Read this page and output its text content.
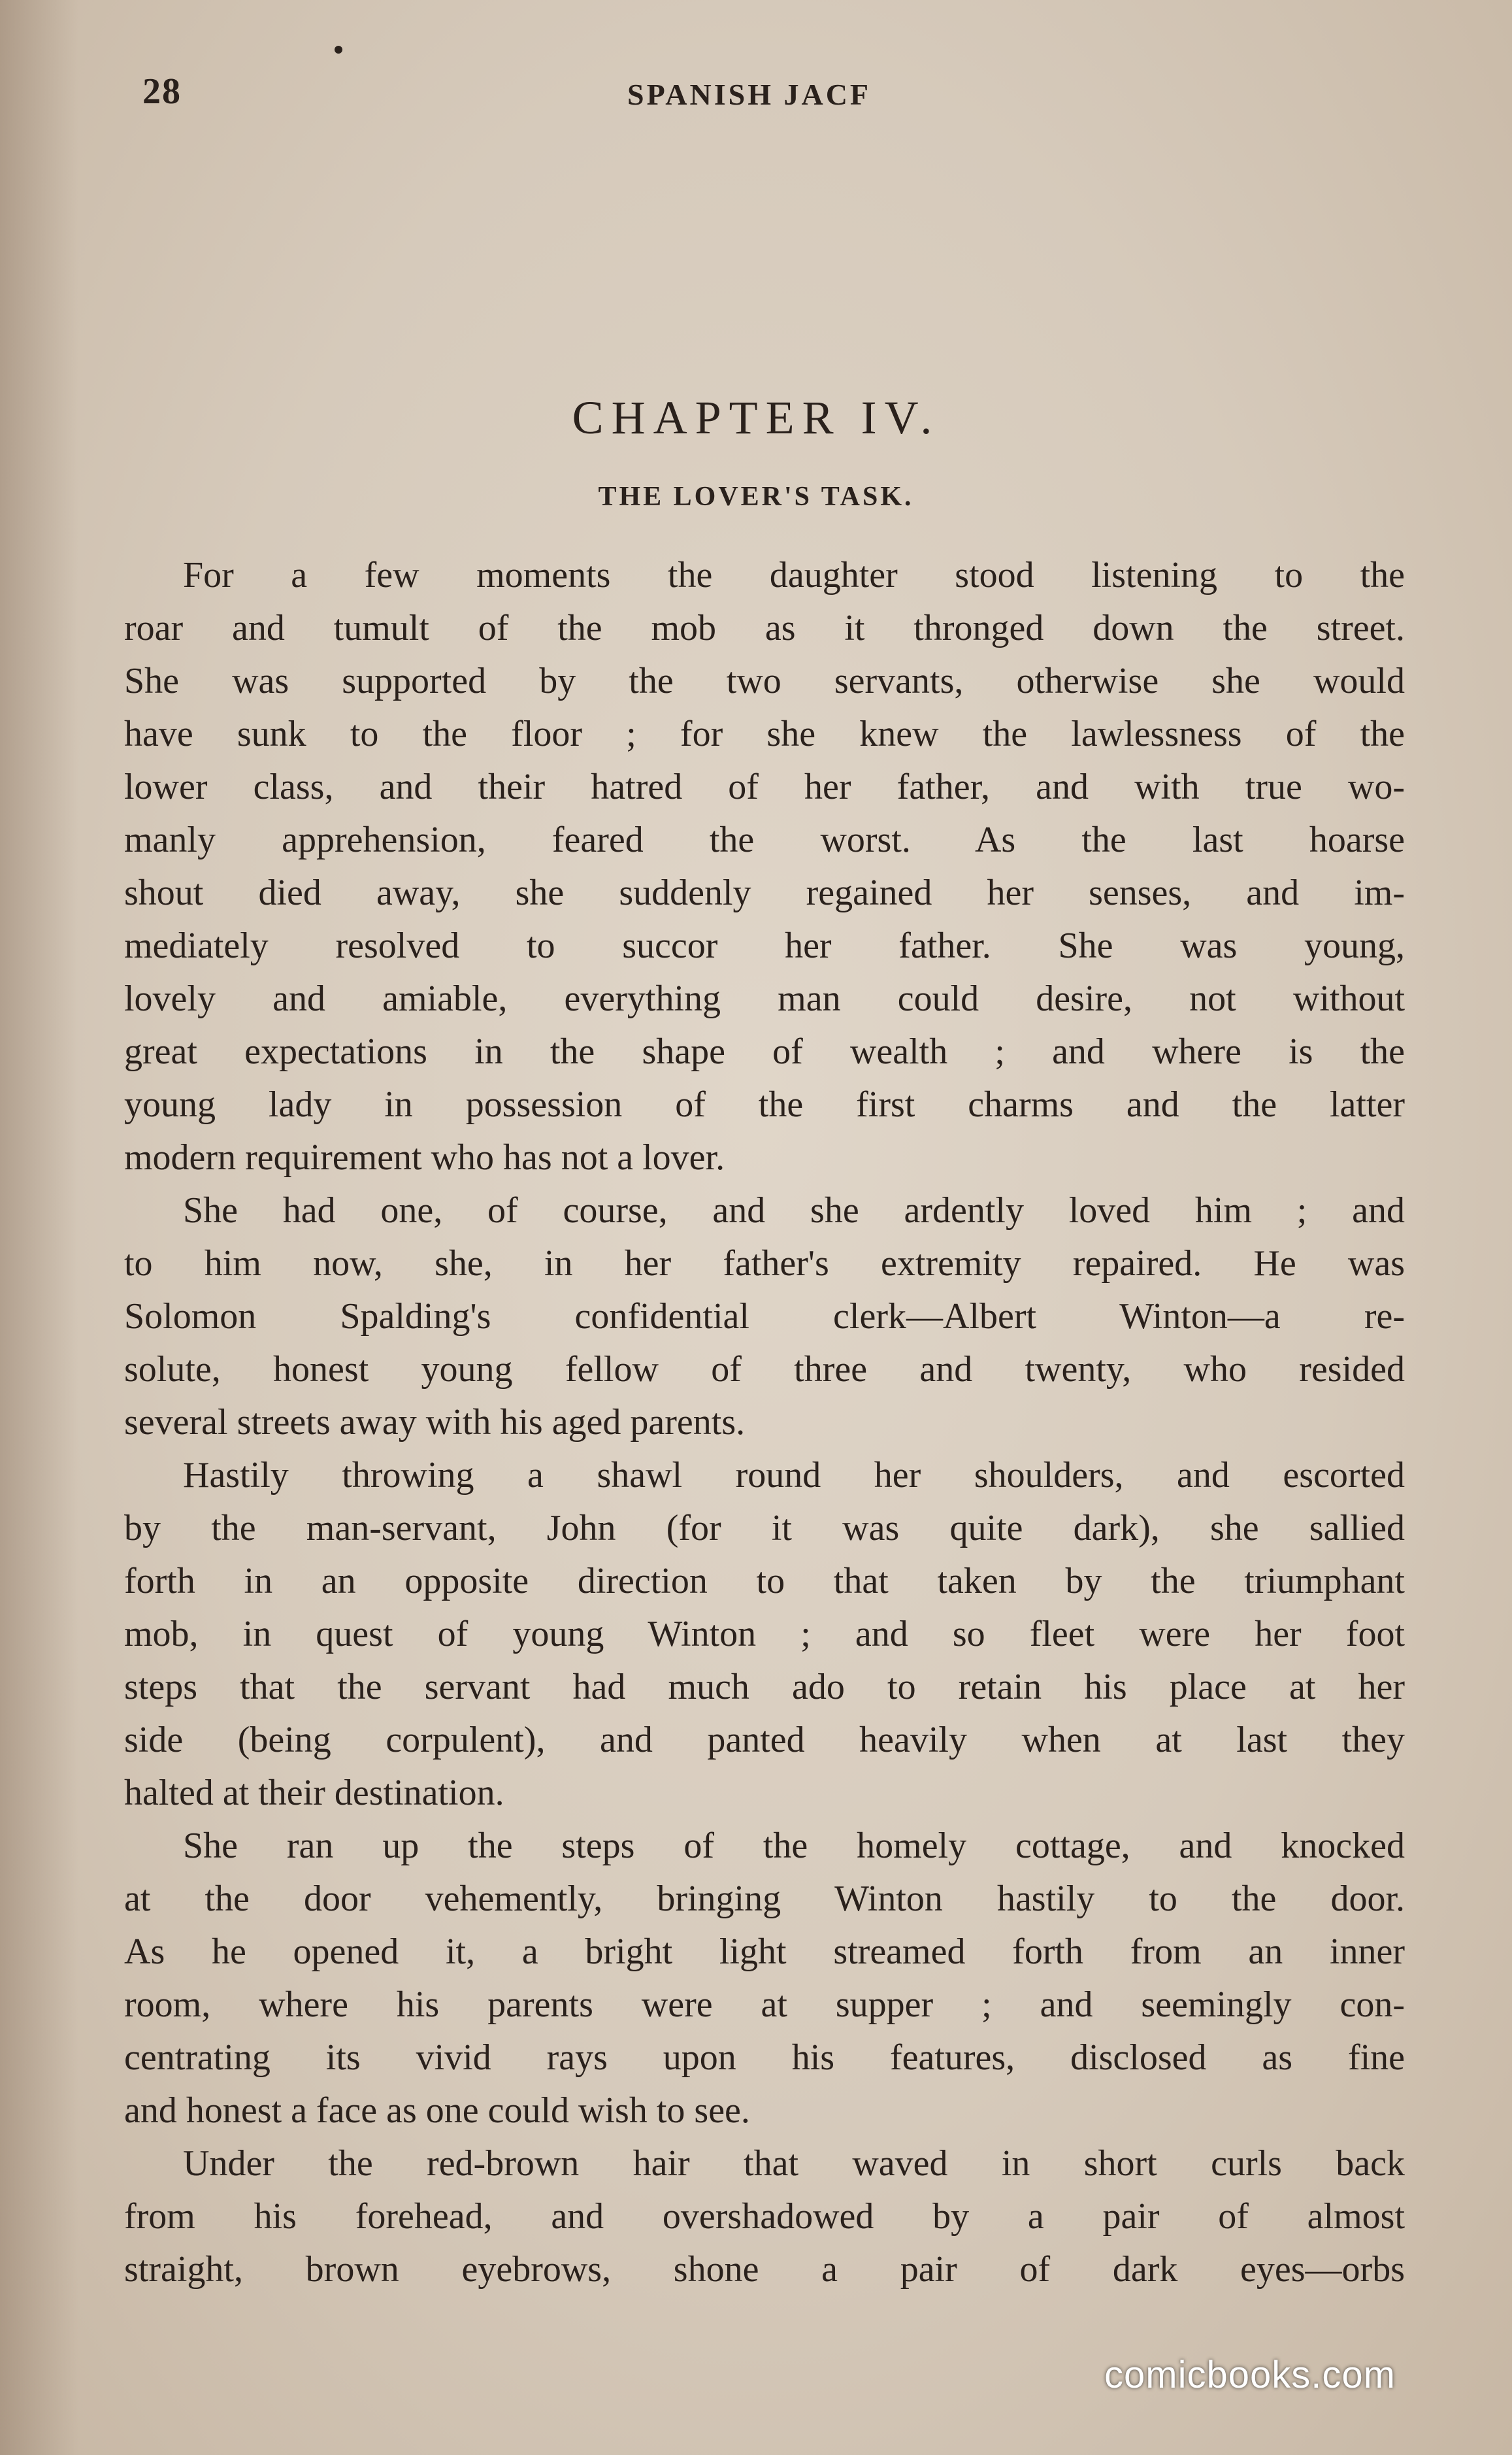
28	SPANISH JACF
CHAPTER IV.
THE LOVER'S TASK.
For a few moments the daughter stood listening to the
roar and tumult of the mob as it thronged down the street.
She was supported by the two servants, otherwise she would
have sunk to the floor ; for she knew the lawlessness of the
lower class, and their hatred of her father, and with true wo-
manly apprehension, feared the worst. As the last hoarse
shout died away, she suddenly regained her senses, and im-
mediately resolved to succor her father. She was young,
lovely and amiable, everything man could desire, not without
great expectations in the shape of wealth ; and where is the
young lady in possession of the first charms and the latter
modern requirement who has not a lover.
She had one, of course, and she ardently loved him ; and
to him now, she, in her father's extremity repaired. He was
Solomon Spalding's confidential clerk—Albert Winton—a re-
solute, honest young fellow of three and twenty, who resided
several streets away with his aged parents.
Hastily throwing a shawl round her shoulders, and escorted
by the man-servant, John (for it was quite dark), she sallied
forth in an opposite direction to that taken by the triumphant
mob, in quest of young Winton ; and so fleet were her foot
steps that the servant had much ado to retain his place at her
side (being corpulent), and panted heavily when at last they
halted at their destination.
She ran up the steps of the homely cottage, and knocked
at the door vehemently, bringing Winton hastily to the door.
As he opened it, a bright light streamed forth from an inner
room, where his parents were at supper ; and seemingly con-
centrating its vivid rays upon his features, disclosed as fine
and honest a face as one could wish to see.
Under the red-brown hair that waved in short curls back
from his forehead, and overshadowed by a pair of almost
straight, brown eyebrows, shone a pair of dark eyes—orbs
comicbooks.com
